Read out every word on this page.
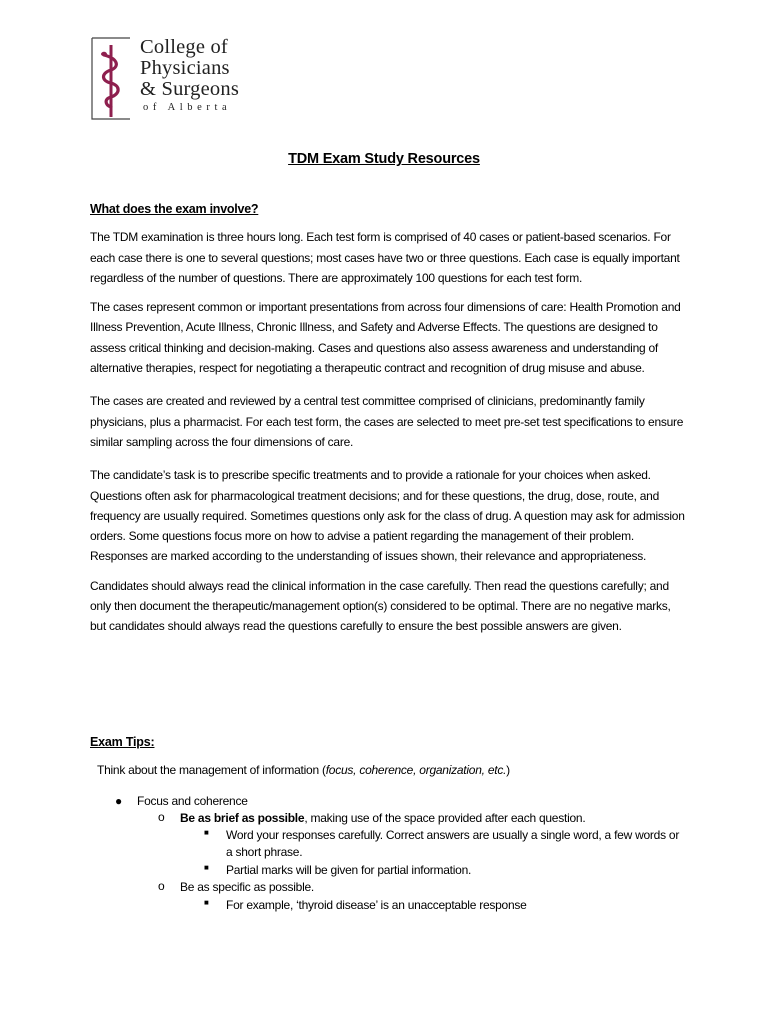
College of
Physicians
& Surgeons
of Alberta
TDM Exam Study Resources

What does the exam involve?

The TDM examination is three hours long. Each test form is comprised of 40 cases or patient-based scenarios. For each case there is one to several questions; most cases have two or three questions. Each case is equally important regardless of the number of questions. There are approximately 100 questions for each test form.

The cases represent common or important presentations from across four dimensions of care: Health Promotion and Illness Prevention, Acute Illness, Chronic Illness, and Safety and Adverse Effects. The questions are designed to assess critical thinking and decision-making. Cases and questions also assess awareness and understanding of alternative therapies, respect for negotiating a therapeutic contract and recognition of drug misuse and abuse.

The cases are created and reviewed by a central test committee comprised of clinicians, predominantly family physicians, plus a pharmacist. For each test form, the cases are selected to meet pre-set test specifications to ensure similar sampling across the four dimensions of care.

The candidate’s task is to prescribe specific treatments and to provide a rationale for your choices when asked. Questions often ask for pharmacological treatment decisions; and for these questions, the drug, dose, route, and frequency are usually required. Sometimes questions only ask for the class of drug. A question may ask for admission orders. Some questions focus more on how to advise a patient regarding the management of their problem. Responses are marked according to the understanding of issues shown, their relevance and appropriateness.

Candidates should always read the clinical information in the case carefully. Then read the questions carefully; and only then document the therapeutic/management option(s) considered to be optimal. There are no negative marks, but candidates should always read the questions carefully to ensure the best possible answers are given.

Exam Tips:
Think about the management of information (focus, coherence, organization, etc.)
● Focus and coherence
o Be as brief as possible, making use of the space provided after each question.
■ Word your responses carefully. Correct answers are usually a single word, a few words or a short phrase.
■ Partial marks will be given for partial information.
o Be as specific as possible.
■ For example, ‘thyroid disease’ is an unacceptable response
